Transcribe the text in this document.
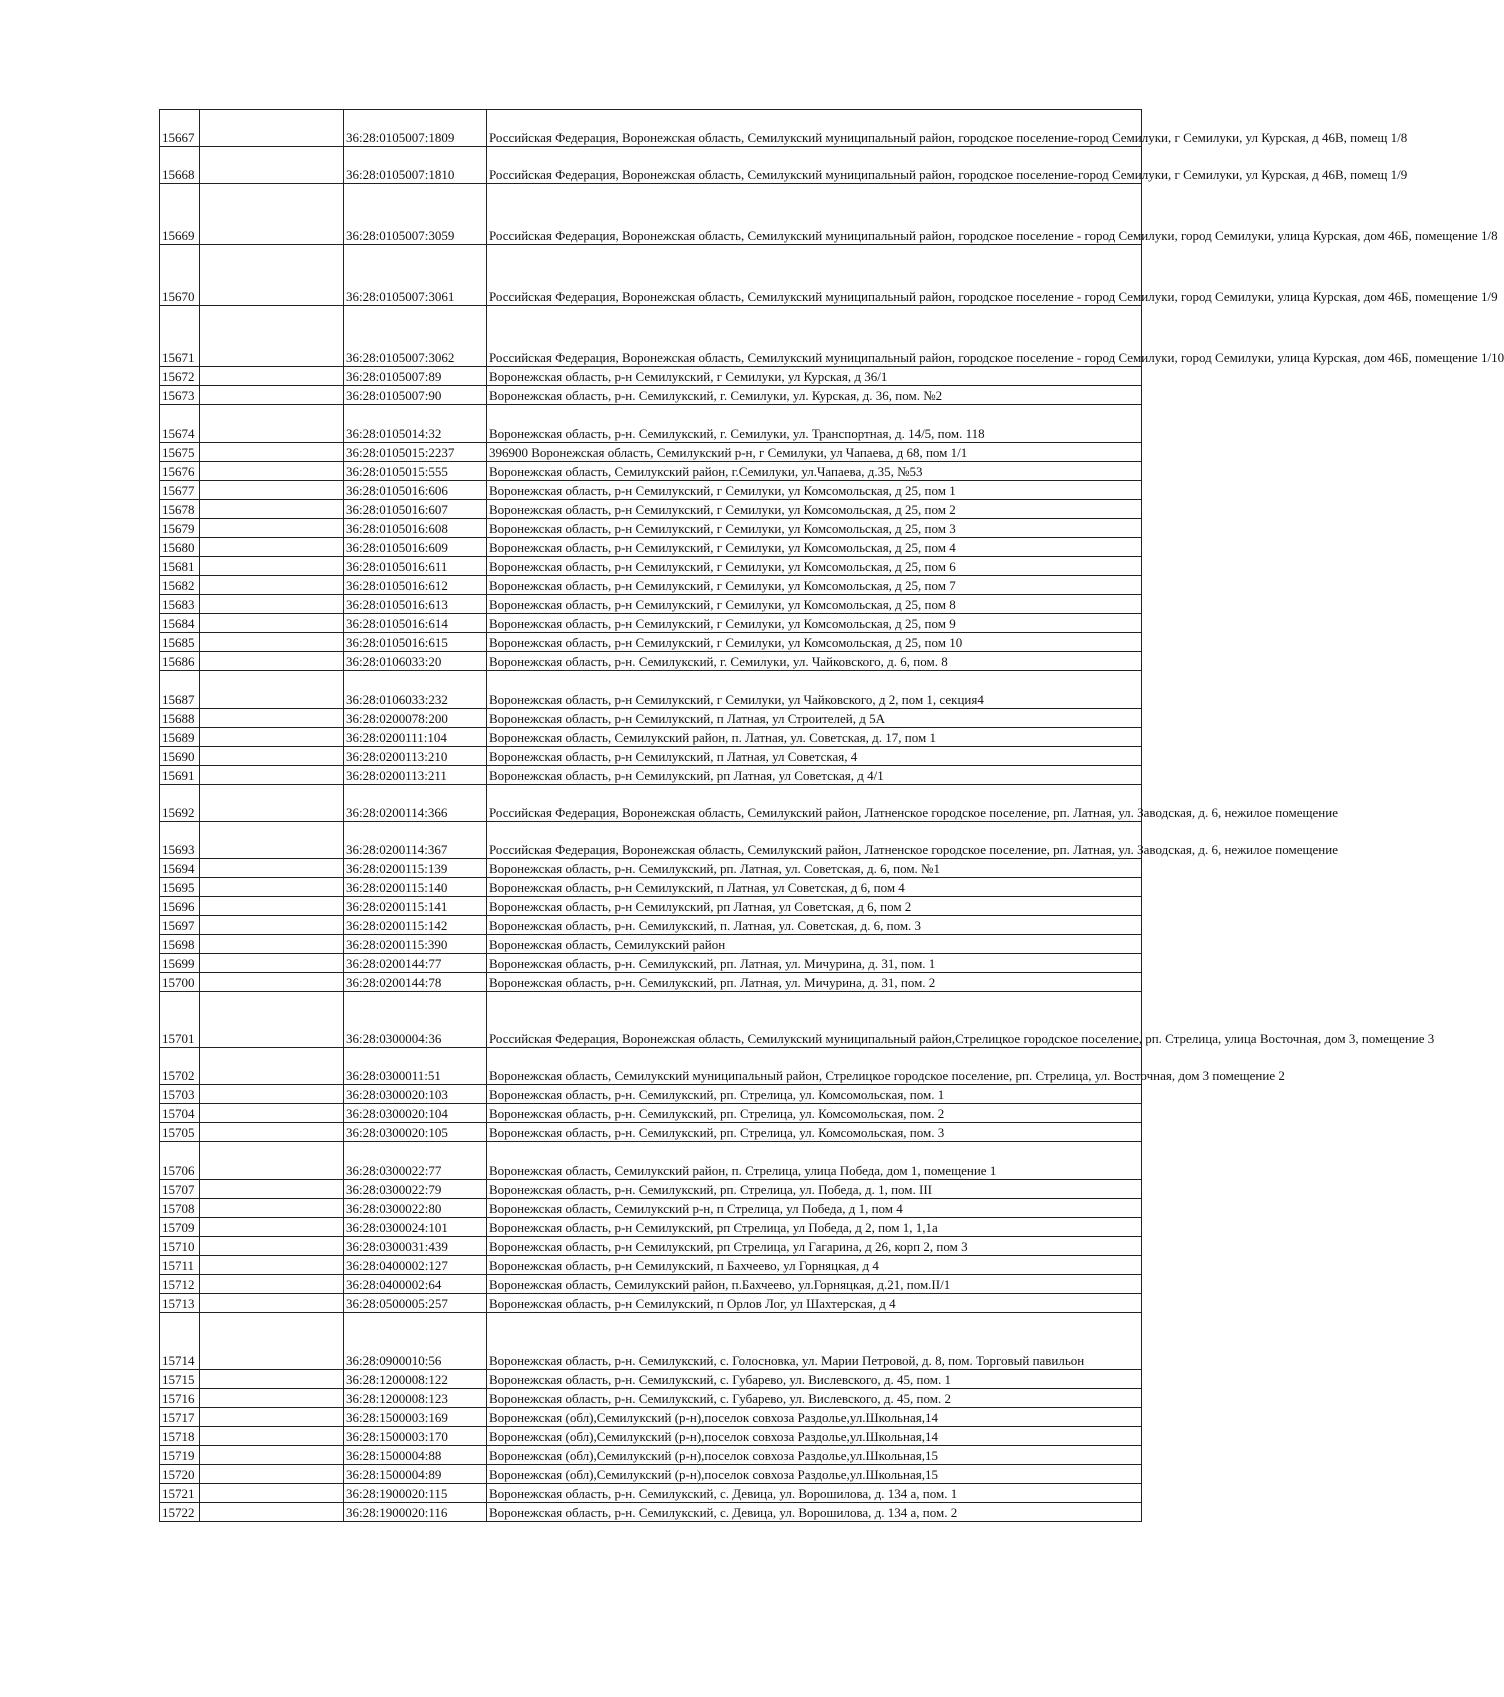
15667		36:28:0105007:1809	Российская Федерация, Воронежская область, Семилукский муниципальный район, городское поселение-город Семилуки, г Семилуки, ул Курская, д 46В, помещ 1/8
15668		36:28:0105007:1810	Российская Федерация, Воронежская область, Семилукский муниципальный район, городское поселение-город Семилуки, г Семилуки, ул Курская, д 46В, помещ 1/9
15669		36:28:0105007:3059	Российская Федерация, Воронежская область, Семилукский муниципальный район, городское поселение - город Семилуки, город Семилуки, улица Курская, дом 46Б, помещение 1/8
15670		36:28:0105007:3061	Российская Федерация, Воронежская область, Семилукский муниципальный район, городское поселение - город Семилуки, город Семилуки, улица Курская, дом 46Б, помещение 1/9
15671		36:28:0105007:3062	Российская Федерация, Воронежская область, Семилукский муниципальный район, городское поселение - город Семилуки, город Семилуки, улица Курская, дом 46Б, помещение 1/10
15672		36:28:0105007:89	Воронежская область, р-н Семилукский, г Семилуки, ул Курская, д 36/1
15673		36:28:0105007:90	Воронежская область, р-н. Семилукский, г. Семилуки, ул. Курская, д. 36, пом. №2
15674		36:28:0105014:32	Воронежская область, р-н. Семилукский, г. Семилуки, ул. Транспортная, д. 14/5, пом. 118
15675		36:28:0105015:2237	396900 Воронежская область, Семилукский р-н, г Семилуки, ул Чапаева, д 68, пом 1/1
15676		36:28:0105015:555	Воронежская область, Семилукский район, г.Семилуки, ул.Чапаева, д.35, №53
15677		36:28:0105016:606	Воронежская область, р-н Семилукский, г Семилуки, ул Комсомольская, д 25, пом 1
15678		36:28:0105016:607	Воронежская область, р-н Семилукский, г Семилуки, ул Комсомольская, д 25, пом 2
15679		36:28:0105016:608	Воронежская область, р-н Семилукский, г Семилуки, ул Комсомольская, д 25, пом 3
15680		36:28:0105016:609	Воронежская область, р-н Семилукский, г Семилуки, ул Комсомольская, д 25, пом 4
15681		36:28:0105016:611	Воронежская область, р-н Семилукский, г Семилуки, ул Комсомольская, д 25, пом 6
15682		36:28:0105016:612	Воронежская область, р-н Семилукский, г Семилуки, ул Комсомольская, д 25, пом 7
15683		36:28:0105016:613	Воронежская область, р-н Семилукский, г Семилуки, ул Комсомольская, д 25, пом 8
15684		36:28:0105016:614	Воронежская область, р-н Семилукский, г Семилуки, ул Комсомольская, д 25, пом 9
15685		36:28:0105016:615	Воронежская область, р-н Семилукский, г Семилуки, ул Комсомольская, д 25, пом 10
15686		36:28:0106033:20	Воронежская область, р-н. Семилукский, г. Семилуки, ул. Чайковского, д. 6, пом. 8
15687		36:28:0106033:232	Воронежская область, р-н Семилукский, г Семилуки, ул Чайковского, д 2, пом 1, секция4
15688		36:28:0200078:200	Воронежская область, р-н Семилукский, п Латная, ул Строителей, д 5А
15689		36:28:0200111:104	Воронежская область, Семилукский район, п. Латная, ул. Советская, д. 17, пом 1
15690		36:28:0200113:210	Воронежская область, р-н Семилукский, п Латная, ул Советская, 4
15691		36:28:0200113:211	Воронежская область, р-н Семилукский, рп Латная, ул Советская, д 4/1
15692		36:28:0200114:366	Российская Федерация, Воронежская область, Семилукский район, Латненское городское поселение, рп. Латная, ул. Заводская, д. 6, нежилое помещение
15693		36:28:0200114:367	Российская Федерация, Воронежская область, Семилукский район, Латненское городское поселение, рп. Латная, ул. Заводская, д. 6, нежилое помещение
15694		36:28:0200115:139	Воронежская область, р-н. Семилукский, рп. Латная, ул. Советская, д. 6, пом. №1
15695		36:28:0200115:140	Воронежская область, р-н Семилукский, п Латная, ул Советская, д 6, пом 4
15696		36:28:0200115:141	Воронежская область, р-н Семилукский, рп Латная, ул Советская, д 6, пом 2
15697		36:28:0200115:142	Воронежская область, р-н. Семилукский, п. Латная, ул. Советская, д. 6, пом. 3
15698		36:28:0200115:390	Воронежская область, Семилукский район
15699		36:28:0200144:77	Воронежская область, р-н. Семилукский, рп. Латная, ул. Мичурина, д. 31, пом. 1
15700		36:28:0200144:78	Воронежская область, р-н. Семилукский, рп. Латная, ул. Мичурина, д. 31, пом. 2
15701		36:28:0300004:36	Российская Федерация, Воронежская область, Семилукский муниципальный район,Стрелицкое городское поселение, рп. Стрелица, улица Восточная, дом 3, помещение 3
15702		36:28:0300011:51	Воронежская область, Семилукский муниципальный район, Стрелицкое городское поселение, рп. Стрелица, ул. Восточная, дом 3 помещение 2
15703		36:28:0300020:103	Воронежская область, р-н. Семилукский, рп. Стрелица, ул. Комсомольская, пом. 1
15704		36:28:0300020:104	Воронежская область, р-н. Семилукский, рп. Стрелица, ул. Комсомольская, пом. 2
15705		36:28:0300020:105	Воронежская область, р-н. Семилукский, рп. Стрелица, ул. Комсомольская, пом. 3
15706		36:28:0300022:77	Воронежская область, Семилукский район, п. Стрелица, улица Победа, дом 1, помещение 1
15707		36:28:0300022:79	Воронежская область, р-н. Семилукский, рп. Стрелица, ул. Победа, д. 1, пом. III
15708		36:28:0300022:80	Воронежская область, Семилукский р-н, п Стрелица, ул Победа, д 1, пом 4
15709		36:28:0300024:101	Воронежская область, р-н Семилукский, рп Стрелица, ул Победа, д 2, пом 1, 1,1а
15710		36:28:0300031:439	Воронежская область, р-н Семилукский, рп Стрелица, ул Гагарина, д 26, корп 2, пом 3
15711		36:28:0400002:127	Воронежская область, р-н Семилукский, п Бахчеево, ул Горняцкая, д 4
15712		36:28:0400002:64	Воронежская область, Семилукский район, п.Бахчеево, ул.Горняцкая, д.21, пом.II/1
15713		36:28:0500005:257	Воронежская область, р-н Семилукский, п Орлов Лог, ул Шахтерская, д 4
15714		36:28:0900010:56	Воронежская область, р-н. Семилукский, с. Голосновка, ул. Марии Петровой, д. 8, пом. Торговый павильон
15715		36:28:1200008:122	Воронежская область, р-н. Семилукский, с. Губарево, ул. Вислевского, д. 45, пом. 1
15716		36:28:1200008:123	Воронежская область, р-н. Семилукский, с. Губарево, ул. Вислевского, д. 45, пом. 2
15717		36:28:1500003:169	Воронежская (обл),Семилукский (р-н),поселок совхоза Раздолье,ул.Школьная,14
15718		36:28:1500003:170	Воронежская (обл),Семилукский (р-н),поселок совхоза Раздолье,ул.Школьная,14
15719		36:28:1500004:88	Воронежская (обл),Семилукский (р-н),поселок совхоза Раздолье,ул.Школьная,15
15720		36:28:1500004:89	Воронежская (обл),Семилукский (р-н),поселок совхоза Раздолье,ул.Школьная,15
15721		36:28:1900020:115	Воронежская область, р-н. Семилукский, с. Девица, ул. Ворошилова, д. 134 а, пом. 1
15722		36:28:1900020:116	Воронежская область, р-н. Семилукский, с. Девица, ул. Ворошилова, д. 134 а, пом. 2
